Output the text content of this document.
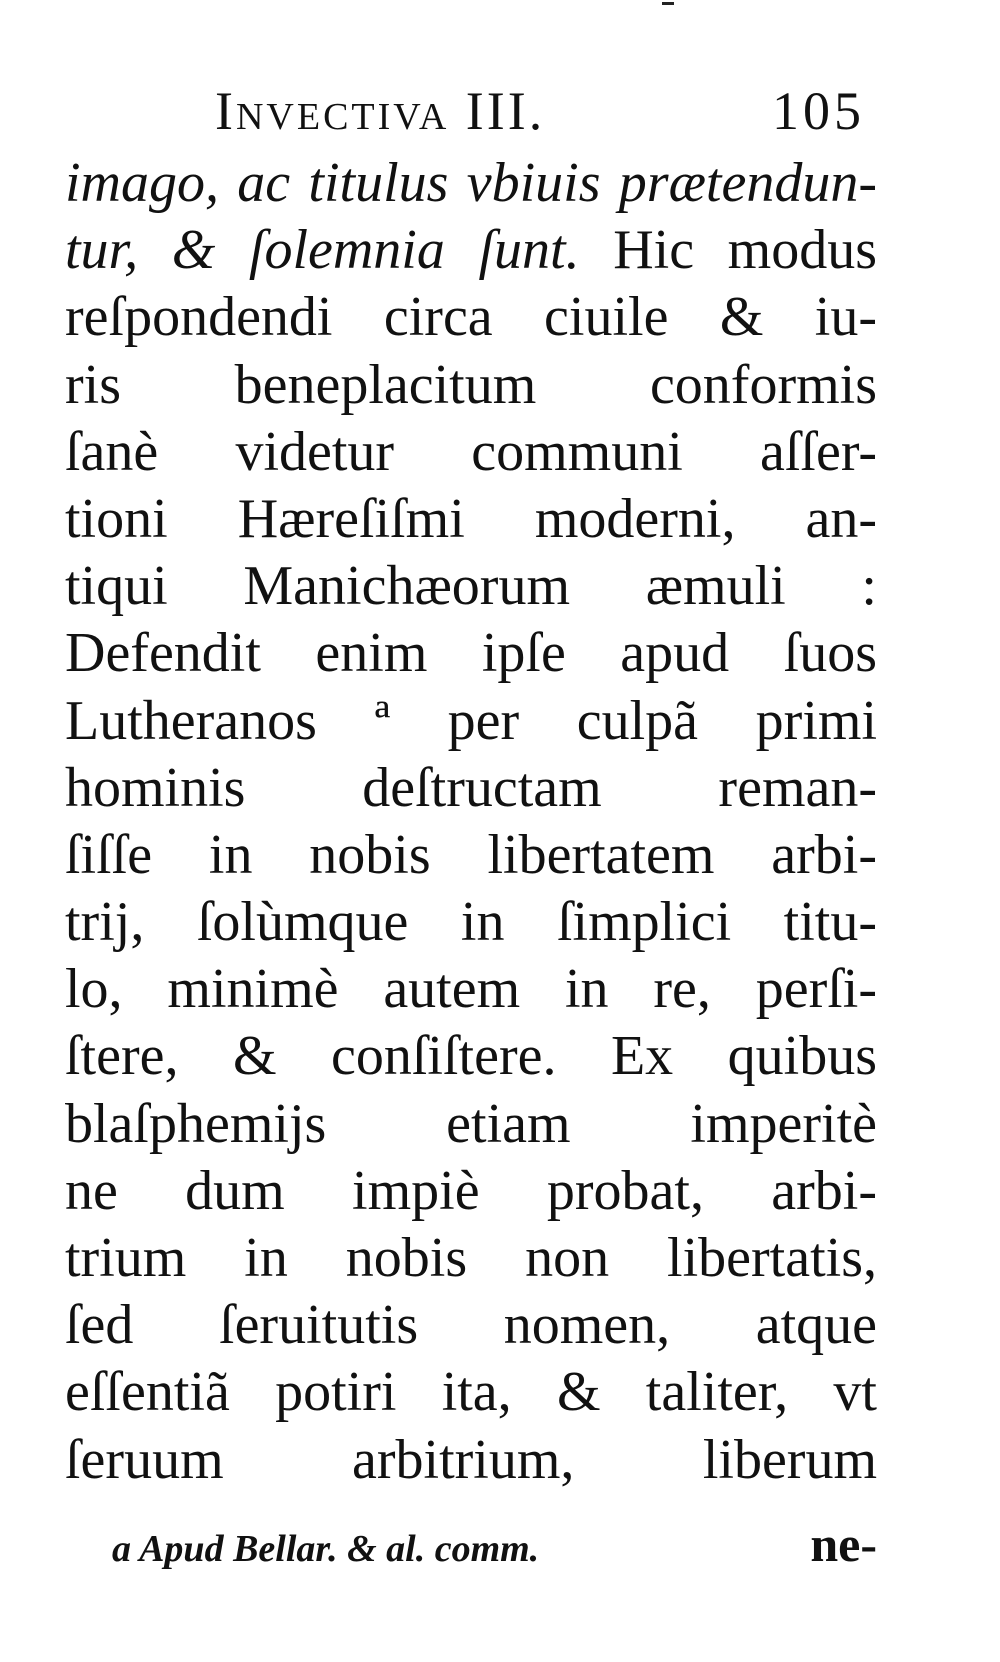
Invectiva III.	105
imago, ac titulus vbiuis prætendun-
tur, & ſolemnia ſunt. Hic modus
reſpondendi circa ciuile & iu-
ris beneplacitum conformis
ſanè videtur communi aſſer-
tioni Hæreſiſmi moderni, an-
tiqui Manichæorum æmuli :
Defendit enim ipſe apud ſuos
Lutheranos ª per culpã primi
hominis deſtructam reman-
ſiſſe in nobis libertatem arbi-
trij, ſolùmque in ſimplici titu-
lo, minimè autem in re, perſi-
ſtere, & conſiſtere. Ex quibus
blaſphemijs etiam imperitè
ne dum impiè probat, arbi-
trium in nobis non libertatis,
ſed ſeruitutis nomen, atque
eſſentiã potiri ita, & taliter, vt
ſeruum arbitrium, liberum
a Apud Bellar. & al. comm.	ne-
